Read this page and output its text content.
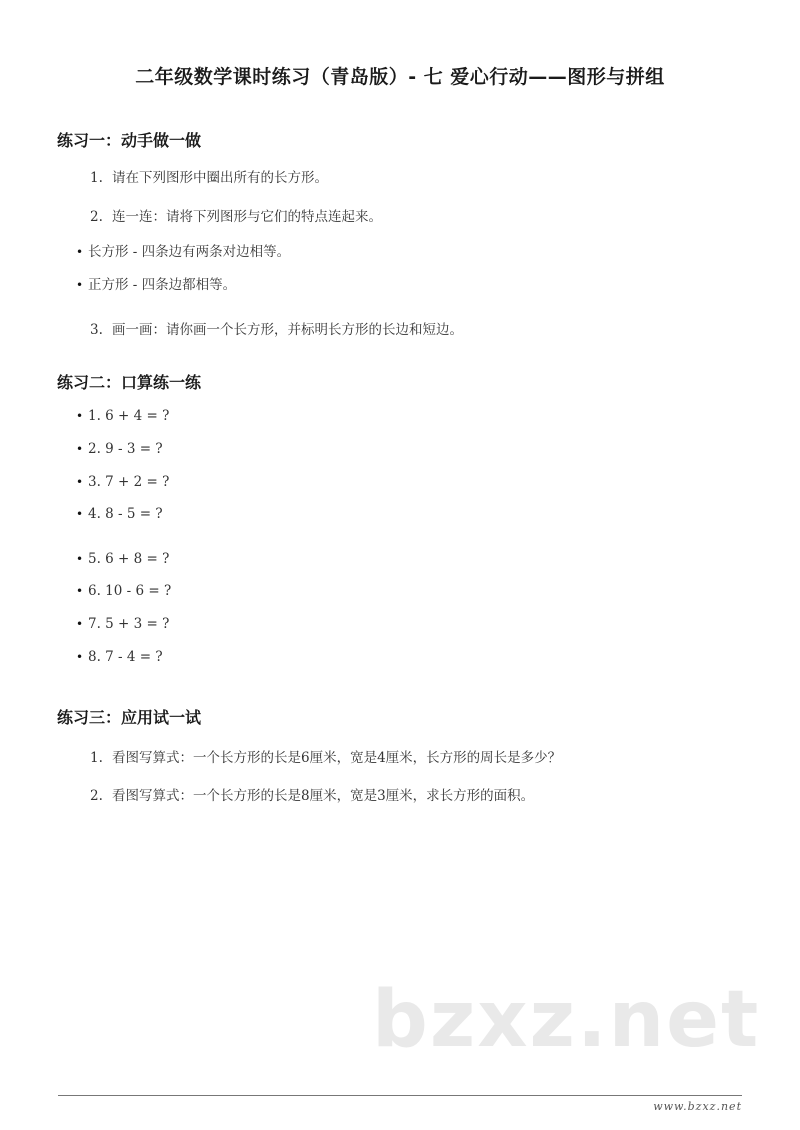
二年级数学课时练习（青岛版）- 七 爱心行动——图形与拼组
练习一：动手做一做
1. 请在下列图形中圈出所有的长方形。
2. 连一连：请将下列图形与它们的特点连起来。
• 长方形 - 四条边有两条对边相等。
• 正方形 - 四条边都相等。
3. 画一画：请你画一个长方形，并标明长方形的长边和短边。
练习二：口算练一练
• 1. 6 + 4 = ?
• 2. 9 - 3 = ?
• 3. 7 + 2 = ?
• 4. 8 - 5 = ?
• 5. 6 + 8 = ?
• 6. 10 - 6 = ?
• 7. 5 + 3 = ?
• 8. 7 - 4 = ?
练习三：应用试一试
1. 看图写算式：一个长方形的长是6厘米，宽是4厘米，长方形的周长是多少？
2. 看图写算式：一个长方形的长是8厘米，宽是3厘米，求长方形的面积。
bzxz.net
www.bzxz.net
